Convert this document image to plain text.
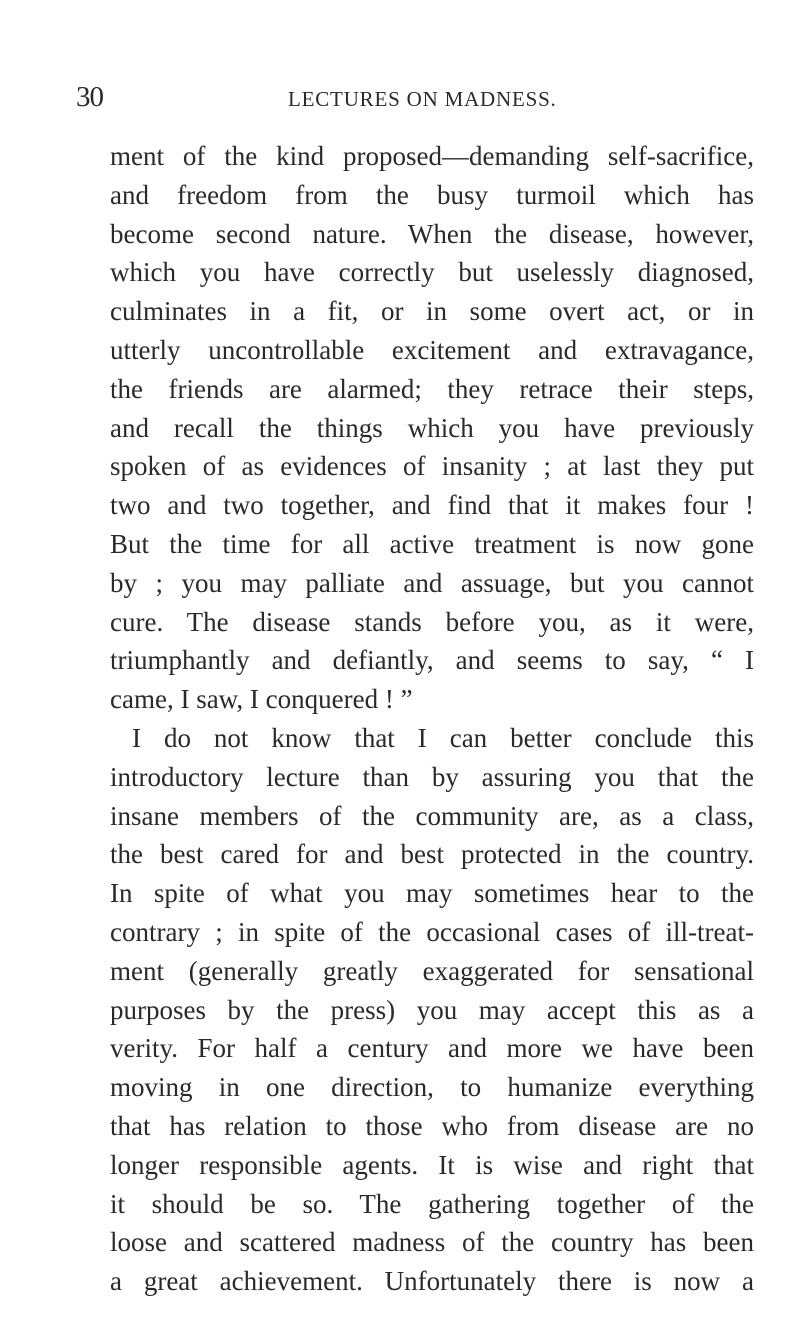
30	LECTURES ON MADNESS.
ment of the kind proposed—demanding self-sacrifice,
and freedom from the busy turmoil which has
become second nature. When the disease, however,
which you have correctly but uselessly diagnosed,
culminates in a fit, or in some overt act, or in
utterly uncontrollable excitement and extravagance,
the friends are alarmed; they retrace their steps,
and recall the things which you have previously
spoken of as evidences of insanity ; at last they put
two and two together, and find that it makes four !
But the time for all active treatment is now gone
by ; you may palliate and assuage, but you cannot
cure. The disease stands before you, as it were,
triumphantly and defiantly, and seems to say, “ I
came, I saw, I conquered ! ”
I do not know that I can better conclude this
introductory lecture than by assuring you that the
insane members of the community are, as a class,
the best cared for and best protected in the country.
In spite of what you may sometimes hear to the
contrary ; in spite of the occasional cases of ill-treat-
ment (generally greatly exaggerated for sensational
purposes by the press) you may accept this as a
verity. For half a century and more we have been
moving in one direction, to humanize everything
that has relation to those who from disease are no
longer responsible agents. It is wise and right that
it should be so. The gathering together of the
loose and scattered madness of the country has been
a great achievement. Unfortunately there is now a
